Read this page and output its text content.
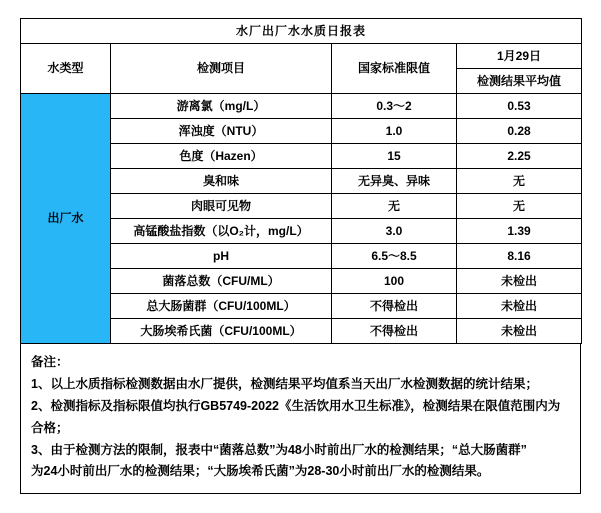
水厂出厂水水质日报表			
水类型	检测项目	国家标准限值	1月29日
			检测结果平均值
出厂水	游离氯（mg/L）	0.3～2	0.53
	浑浊度（NTU）	1.0	0.28
	色度（Hazen）	15	2.25
	臭和味	无异臭、异味	无
	肉眼可见物	无	无
	高锰酸盐指数（以O₂计，mg/L）	3.0	1.39
	pH	6.5～8.5	8.16
	菌落总数（CFU/ML）	100	未检出
	总大肠菌群（CFU/100ML）	不得检出	未检出
	大肠埃希氏菌（CFU/100ML）	不得检出	未检出
备注：
1、以上水质指标检测数据由水厂提供，检测结果平均值系当天出厂水检测数据的统计结果；
2、检测指标及指标限值均执行GB5749-2022《生活饮用水卫生标准》，检测结果在限值范围内为合格；
3、由于检测方法的限制，报表中“菌落总数”为48小时前出厂水的检测结果；“总大肠菌群”
为24小时前出厂水的检测结果；“大肠埃希氏菌”为28-30小时前出厂水的检测结果。
